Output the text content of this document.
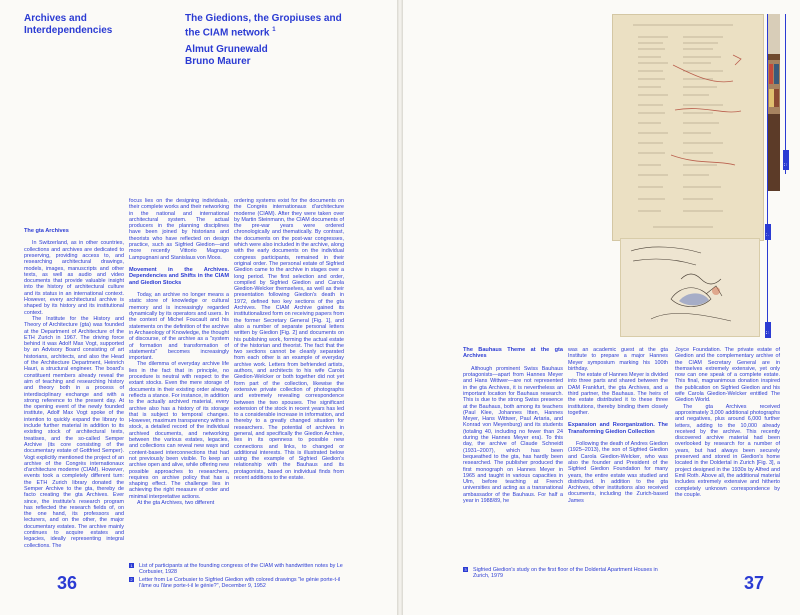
Archives and
Interdependencies
The Giedions, the Gropiuses and
the CIAM network $^1$
Almut Grunewald
Bruno Maurer
The gta Archives

In Switzerland, as in other countries, collections and archives are dedicated to preserving, providing access to, and researching architectural drawings, models, images, manuscripts and other texts, as well as audio and video documents that provide valuable insight into the history of architectural culture and its status in an international context. However, every architectural archive is shaped by its history and its institutional context.

The Institute for the History and Theory of Architecture (gta) was founded at the Department of Architecture of the ETH Zurich in 1967. The driving force behind it was Adolf Max Vogt, supported by an Advisory Board consisting of art historians, architects, and also the Head of the Architecture Department, Heinrich Hauri, a structural engineer. The board's constituent members already reveal the aim of teaching and researching history and theory both in a process of interdisciplinary exchange and with a strong reference to the present day. At the opening event of the newly founded institute, Adolf Max Vogt spoke of the intention to quickly expand the library to include further material in addition to its existing stock of architectural texts, treatises, and the so-called Semper Archive (its core consisting of the documentary estate of Gottfried Semper). Vogt explicitly mentioned the project of an archive of the Congrès internationaux d'architecture moderne (CIAM). However, events took a completely different turn: the ETH Zurich library donated the Semper Archive to the gta, thereby de facto creating the gta Archives. Ever since, the institute's research program has reflected the research fields of, on the one hand, its professors and lecturers, and on the other, the major documentary estates. The archive mainly continues to acquire estates and legacies, ideally representing integral collections. The

focus lies on the designing individuals, their complete works and their networking in the national and international architectural system. The actual producers in the planning disciplines have been joined by historians and theorists who have reflected on design practice, such as Sigfried Giedion—and more recently Vittorio Magnago Lampugnani and Stanislaus von Moos.

Movement in the Archives. Dependencies and Shifts in the CIAM and Giedion Stocks

Today, an archive no longer means a static store of knowledge or cultural memory and is increasingly regarded dynamically by its operators and users. In the context of Michel Foucault and his statements on the definition of the archive in Archaeology of Knowledge, the thought of discourse, of the archive as a "system of formation and transformation of statements" becomes increasingly important.

The dilemma of everyday archive life lies in the fact that in principle, no procedure is neutral with respect to the extant stocks. Even the mere storage of documents in their existing order already reflects a stance. For instance, in addition to the actually archived material, every archive also has a history of its storage that is subject to temporal changes. However, maximum transparency within a stock, a detailed record of the individual archived documents, and networking between the various estates, legacies, and collections can reveal new ways and content-based interconnections that had not previously been visible. To keep an archive open and alive, while offering new possible approaches to researchers, requires on archive policy that has a shaping effect. The challenge lies in achieving the right measure of order and minimal interpretative actions.

At the gta Archives, two different

ordering systems exist for the documents on the Congrès internationaux d'architecture moderne (CIAM). After they were taken over by Martin Steinmann, the CIAM documents of the pre-war years were ordered chronologically and thematically. By contrast, the documents on the post-war congresses, which were also included in the archive, along with the early documents on the individual congress participants, remained in their original order. The personal estate of Sigfried Giedion came to the archive in stages over a long period. The first selection and order, compiled by Sigfried Giedion and Carola Giedion-Welcker themselves, as well as their presentation following Giedion's death in 1972, defined two key sections of the gta Archives. The CIAM Archive gained its institutionalized form on receiving papers from the former Secretary General [Fig. 1], and also a number of separate personal letters written by Giedion [Fig. 2] and documents on his publishing work, forming the actual estate of the historian and theorist. The fact that the two sections cannot be cleanly separated from each other is an example of everyday archive work. Letters from befriended artists, authors, and architects to his wife Carola Giedion-Welcker or both together did not yet form part of the collection, likewise the extensive private collection of photographs and extremely revealing correspondence between the two spouses. The significant extension of the stock in recent years has led to a considerable increase in information, and thereby to a greatly changed situation for researchers. The potential of archives in general, and specifically the Giedion Archive, lies in its openness to possible new connections and links, to changed or additional interests. This is illustrated below using the example of Sigfried Giedion's relationship with the Bauhaus and its protagonists, based on individual finds from recent additions to the estate.

36
1 List of participants at the founding congress of the CIAM with handwritten notes by Le Corbusier, 1928
2 Letter from Le Corbusier to Sigfried Giedion with colored drawings "le génie porte-t-il l'âme ou l'âne porte-t-il le génie?", December 9, 1952
The Bauhaus Theme at the gta Archives

Although prominent Swiss Bauhaus protagonists—apart from Hannes Meyer and Hans Wittwer—are not represented in the gta Archives, it is nevertheless an important location for Bauhaus research. This is due to the strong Swiss presence at the Bauhaus, both among its teachers (Paul Klee, Johannes Itten, Hannes Meyer, Hans Wittwer, Paul Artaria, and Konrad von Meyenburg) and its students (totaling 40, including no fewer than 24 during the Hannes Meyer era). To this day, the archive of Claude Schneidt (1931–2007), which has been bequeathed to the gta, has hardly been researched. The publisher produced the first monograph on Hannes Meyer in 1965 and taught in various capacities in Ulm, before teaching at French universities and acting as a transnational ambassador of the Bauhaus. For half a year in 1988/89, he

was an academic guest at the gta Institute to prepare a major Hannes Meyer symposium marking his 100th birthday.

The estate of Hannes Meyer is divided into three parts and shared between the DAM Frankfurt, the gta Archives, and a third partner, the Bauhaus. The heirs of the estate distributed it to these three institutions, thereby binding them closely together.

Expansion and Reorganization. The Transforming Giedion Collection

Following the death of Andres Giedion (1925–2013), the son of Sigfried Giedion and Carola Giedion-Welcker, who was also the founder and President of the Sigfried Giedion Foundation for many years, the entire estate was studied and distributed. In addition to the gta Archives, other institutions also received documents, including the Zurich-based James

Joyce Foundation. The private estate of Giedion and the complementary archive of the CIAM Secretary General are in themselves extremely extensive, yet only now can one speak of a complete estate. This final, magnanimous donation inspired the publication on Sigfried Giedion and his wife Carola Giedion-Welcker entitled The Giedion World.

The gta Archives received approximately 3,000 additional photographs and negatives, plus around 6,000 further letters, adding to the 10,000 already received by the archive. This recently discovered archive material had been overlooked by research for a number of years, but had always been securely preserved and stored in Giedion's home located in the Doldertal in Zurich [Fig. 3], a project designed in the 1930s by Alfred and Emil Roth. Above all, the additional material includes extremely extensive and hitherto completely unknown correspondence by the couple.

3 Sigfried Giedion's study on the first floor of the Doldertal Apartment Houses in Zurich, 1979	37
